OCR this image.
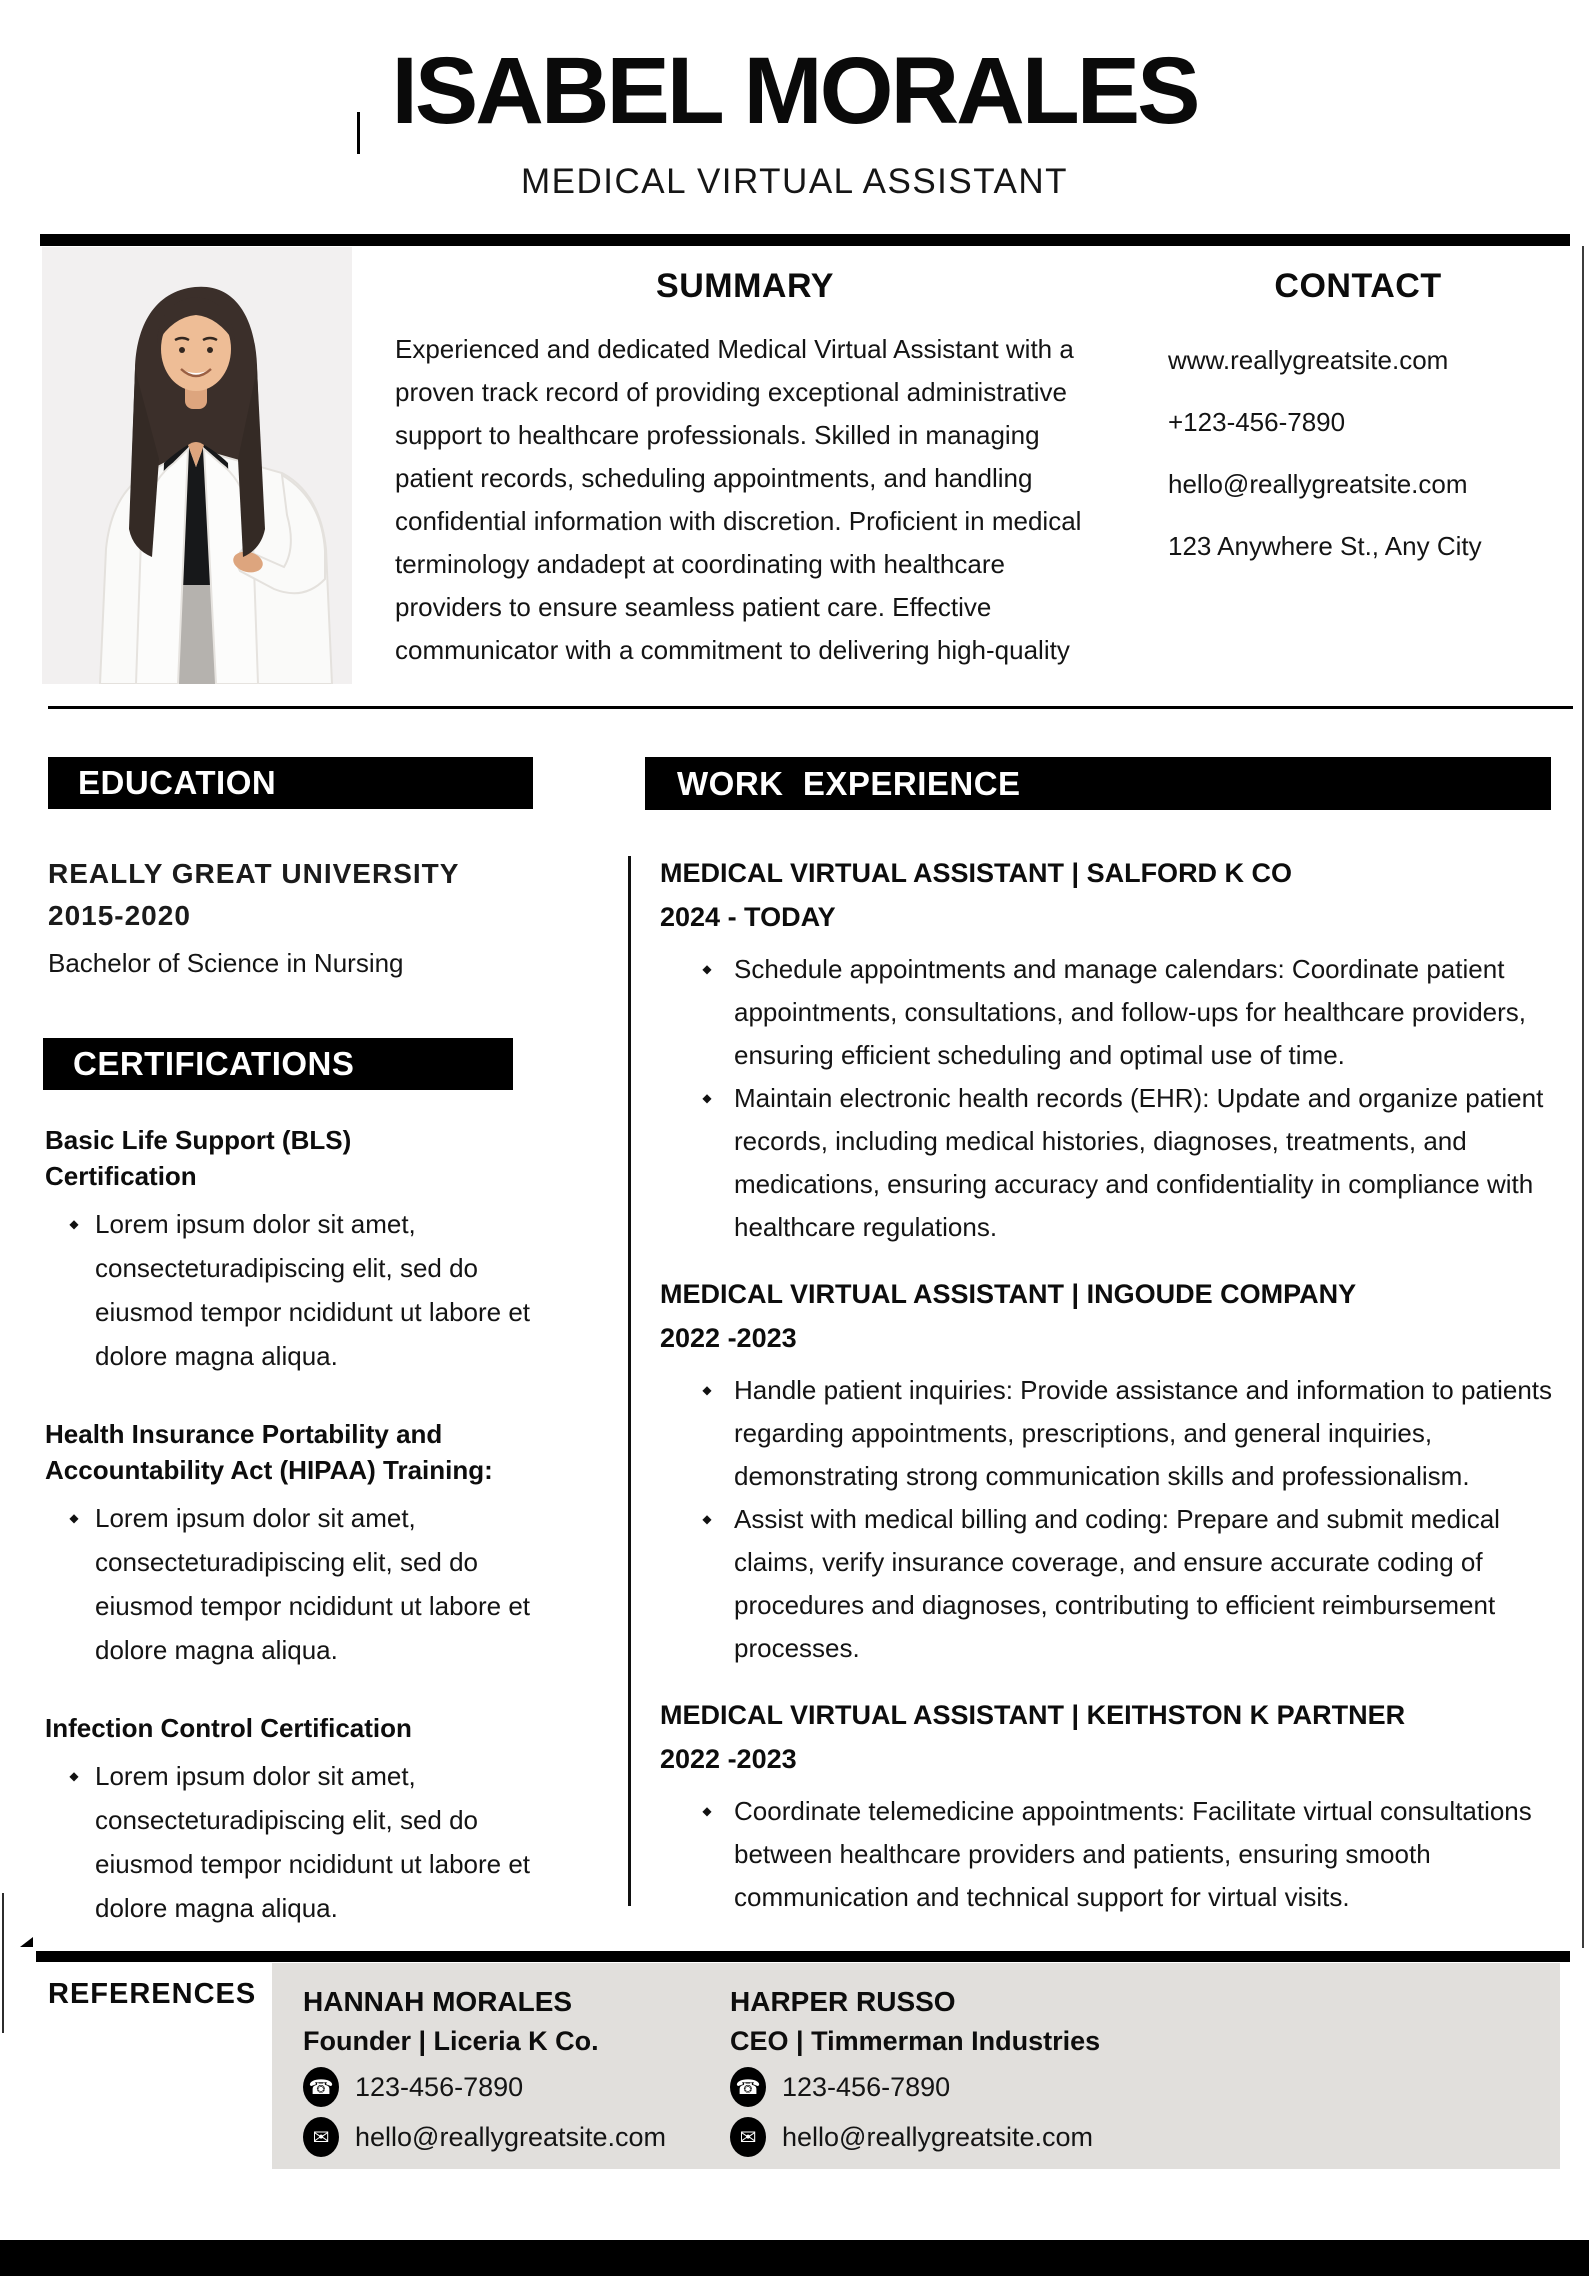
ISABEL MORALES
MEDICAL VIRTUAL ASSISTANT
SUMMARY
Experienced and dedicated Medical Virtual Assistant with a proven track record of providing exceptional administrative support to healthcare professionals. Skilled in managing patient records, scheduling appointments, and handling confidential information with discretion. Proficient in medical terminology andadept at coordinating with healthcare providers to ensure seamless patient care. Effective communicator with a commitment to delivering high-quality
CONTACT
www.reallygreatsite.com
+123-456-7890
hello@reallygreatsite.com
123 Anywhere St., Any City
EDUCATION
REALLY GREAT UNIVERSITY
2015-2020
Bachelor of Science in Nursing
CERTIFICATIONS
Basic Life Support (BLS) Certification
◆ Lorem ipsum dolor sit amet, consecteturadipiscing elit, sed do eiusmod tempor ncididunt ut labore et dolore magna aliqua.
Health Insurance Portability and Accountability Act (HIPAA) Training:
◆ Lorem ipsum dolor sit amet, consecteturadipiscing elit, sed do eiusmod tempor ncididunt ut labore et dolore magna aliqua.
Infection Control Certification
◆ Lorem ipsum dolor sit amet, consecteturadipiscing elit, sed do eiusmod tempor ncididunt ut labore et dolore magna aliqua.
WORK  EXPERIENCE
MEDICAL VIRTUAL ASSISTANT | SALFORD K CO
2024 - TODAY
◆ Schedule appointments and manage calendars: Coordinate patient appointments, consultations, and follow-ups for healthcare providers, ensuring efficient scheduling and optimal use of time.
◆ Maintain electronic health records (EHR): Update and organize patient records, including medical histories, diagnoses, treatments, and medications, ensuring accuracy and confidentiality in compliance with healthcare regulations.
MEDICAL VIRTUAL ASSISTANT | INGOUDE COMPANY
2022 -2023
◆ Handle patient inquiries: Provide assistance and information to patients regarding appointments, prescriptions, and general inquiries, demonstrating strong communication skills and professionalism.
◆ Assist with medical billing and coding: Prepare and submit medical claims, verify insurance coverage, and ensure accurate coding of procedures and diagnoses, contributing to efficient reimbursement processes.
MEDICAL VIRTUAL ASSISTANT | KEITHSTON K PARTNER
2022 -2023
◆ Coordinate telemedicine appointments: Facilitate virtual consultations between healthcare providers and patients, ensuring smooth communication and technical support for virtual visits.
REFERENCES HANNAH MORALES
Founder | Liceria K Co.
☎ 123-456-7890
✉ hello@reallygreatsite.com
HARPER RUSSO
CEO | Timmerman Industries
☎ 123-456-7890
✉ hello@reallygreatsite.com
